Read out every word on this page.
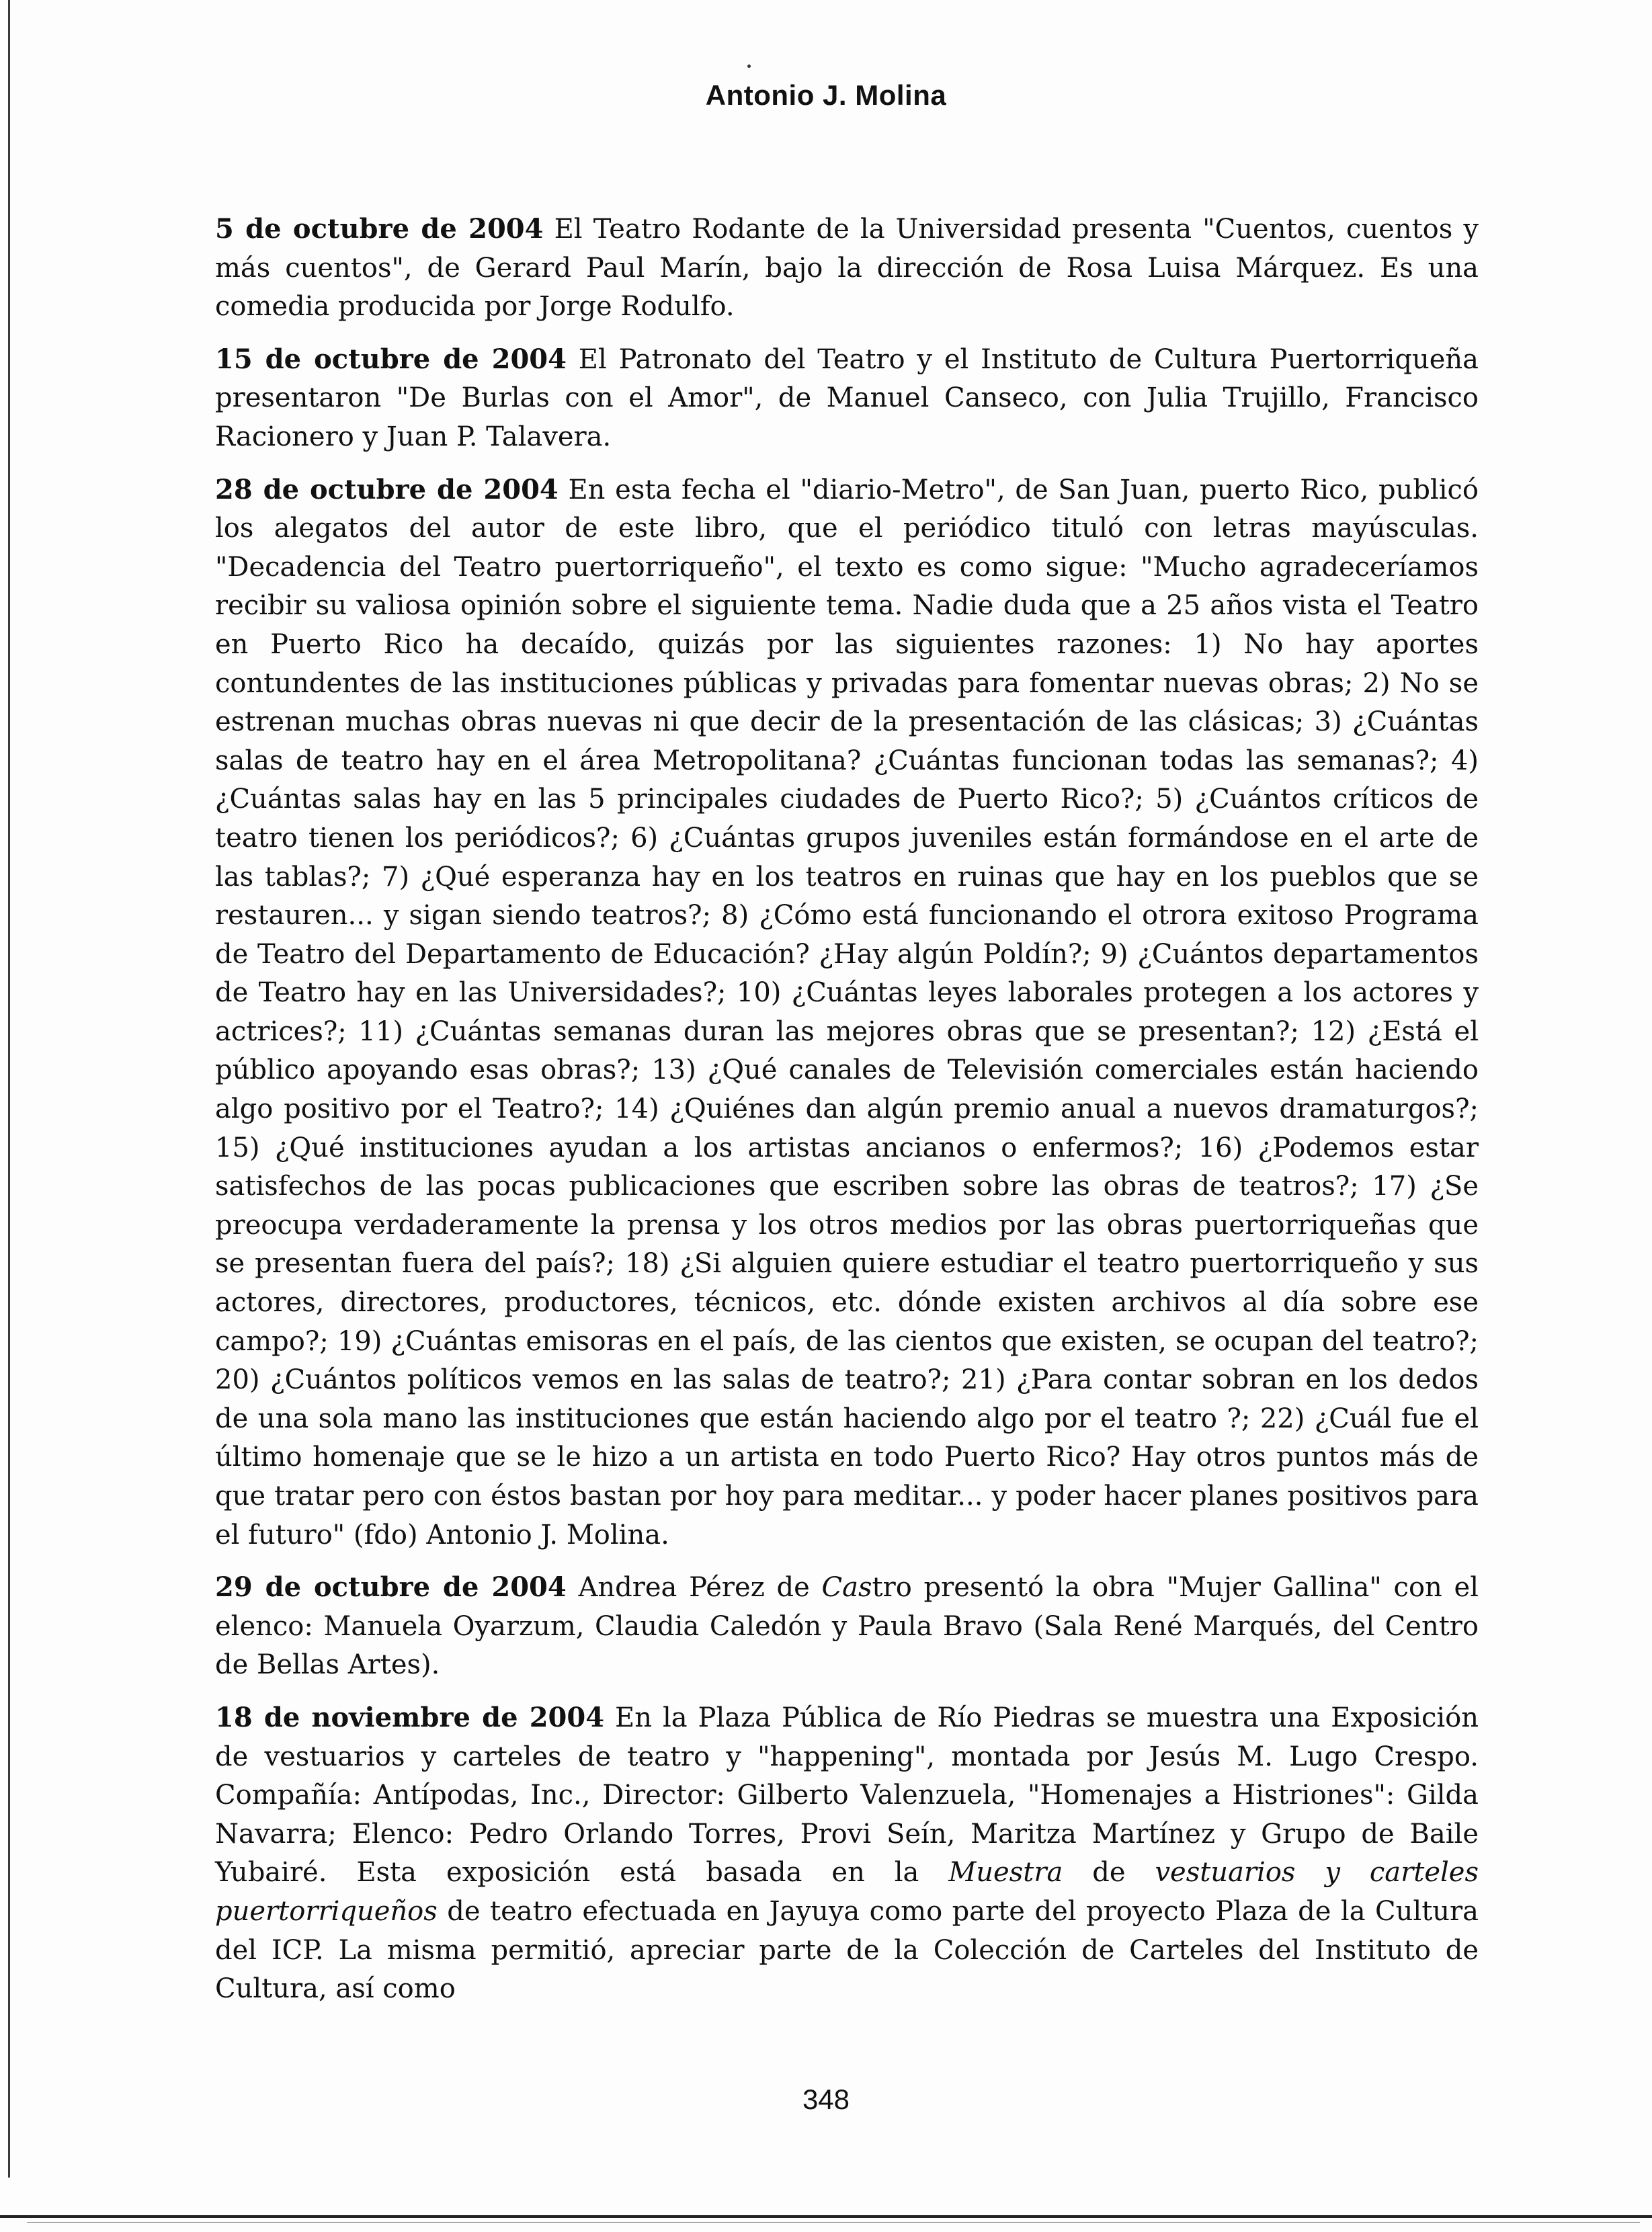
Antonio J. Molina

5 de octubre de 2004 El Teatro Rodante de la Universidad presenta "Cuentos, cuentos y más cuentos", de Gerard Paul Marín, bajo la dirección de Rosa Luisa Márquez. Es una comedia producida por Jorge Rodulfo.

15 de octubre de 2004 El Patronato del Teatro y el Instituto de Cultura Puertorriqueña presentaron "De Burlas con el Amor", de Manuel Canseco, con Julia Trujillo, Francisco Racionero y Juan P. Talavera.

28 de octubre de 2004 En esta fecha el "diario-Metro", de San Juan, puerto Rico, publicó los alegatos del autor de este libro, que el periódico tituló con letras mayúsculas. "Decadencia del Teatro puertorriqueño", el texto es como sigue: "Mucho agradeceríamos recibir su valiosa opinión sobre el siguiente tema. Nadie duda que a 25 años vista el Teatro en Puerto Rico ha decaído, quizás por las siguientes razones: 1) No hay aportes contundentes de las instituciones públicas y privadas para fomentar nuevas obras; 2) No se estrenan muchas obras nuevas ni que decir de la presentación de las clásicas; 3) ¿Cuántas salas de teatro hay en el área Metropolitana? ¿Cuántas funcionan todas las semanas?; 4) ¿Cuántas salas hay en las 5 principales ciudades de Puerto Rico?; 5) ¿Cuántos críticos de teatro tienen los periódicos?; 6) ¿Cuántas grupos juveniles están formándose en el arte de las tablas?; 7) ¿Qué esperanza hay en los teatros en ruinas que hay en los pueblos que se restauren... y sigan siendo teatros?; 8) ¿Cómo está funcionando el otrora exitoso Programa de Teatro del Departamento de Educación? ¿Hay algún Poldín?; 9) ¿Cuántos departamentos de Teatro hay en las Universidades?; 10) ¿Cuántas leyes laborales protegen a los actores y actrices?; 11) ¿Cuántas semanas duran las mejores obras que se presentan?; 12) ¿Está el público apoyando esas obras?; 13) ¿Qué canales de Televisión comerciales están haciendo algo positivo por el Teatro?; 14) ¿Quiénes dan algún premio anual a nuevos dramaturgos?; 15) ¿Qué instituciones ayudan a los artistas ancianos o enfermos?; 16) ¿Podemos estar satisfechos de las pocas publicaciones que escriben sobre las obras de teatros?; 17) ¿Se preocupa verdaderamente la prensa y los otros medios por las obras puertorriqueñas que se presentan fuera del país?; 18) ¿Si alguien quiere estudiar el teatro puertorriqueño y sus actores, directores, productores, técnicos, etc. dónde existen archivos al día sobre ese campo?; 19) ¿Cuántas emisoras en el país, de las cientos que existen, se ocupan del teatro?; 20) ¿Cuántos políticos vemos en las salas de teatro?; 21) ¿Para contar sobran en los dedos de una sola mano las instituciones que están haciendo algo por el teatro ?; 22) ¿Cuál fue el último homenaje que se le hizo a un artista en todo Puerto Rico? Hay otros puntos más de que tratar pero con éstos bastan por hoy para meditar... y poder hacer planes positivos para el futuro" (fdo) Antonio J. Molina.

29 de octubre de 2004 Andrea Pérez de Castro presentó la obra "Mujer Gallina" con el elenco: Manuela Oyarzum, Claudia Caledón y Paula Bravo (Sala René Marqués, del Centro de Bellas Artes).

18 de noviembre de 2004 En la Plaza Pública de Río Piedras se muestra una Exposición de vestuarios y carteles de teatro y "happening", montada por Jesús M. Lugo Crespo. Compañía: Antípodas, Inc., Director: Gilberto Valenzuela, "Homenajes a Histriones": Gilda Navarra; Elenco: Pedro Orlando Torres, Provi Seín, Maritza Martínez y Grupo de Baile Yubairé. Esta exposición está basada en la Muestra de vestuarios y carteles puertorriqueños de teatro efectuada en Jayuya como parte del proyecto Plaza de la Cultura del ICP. La misma permitió, apreciar parte de la Colección de Carteles del Instituto de Cultura, así como

348
